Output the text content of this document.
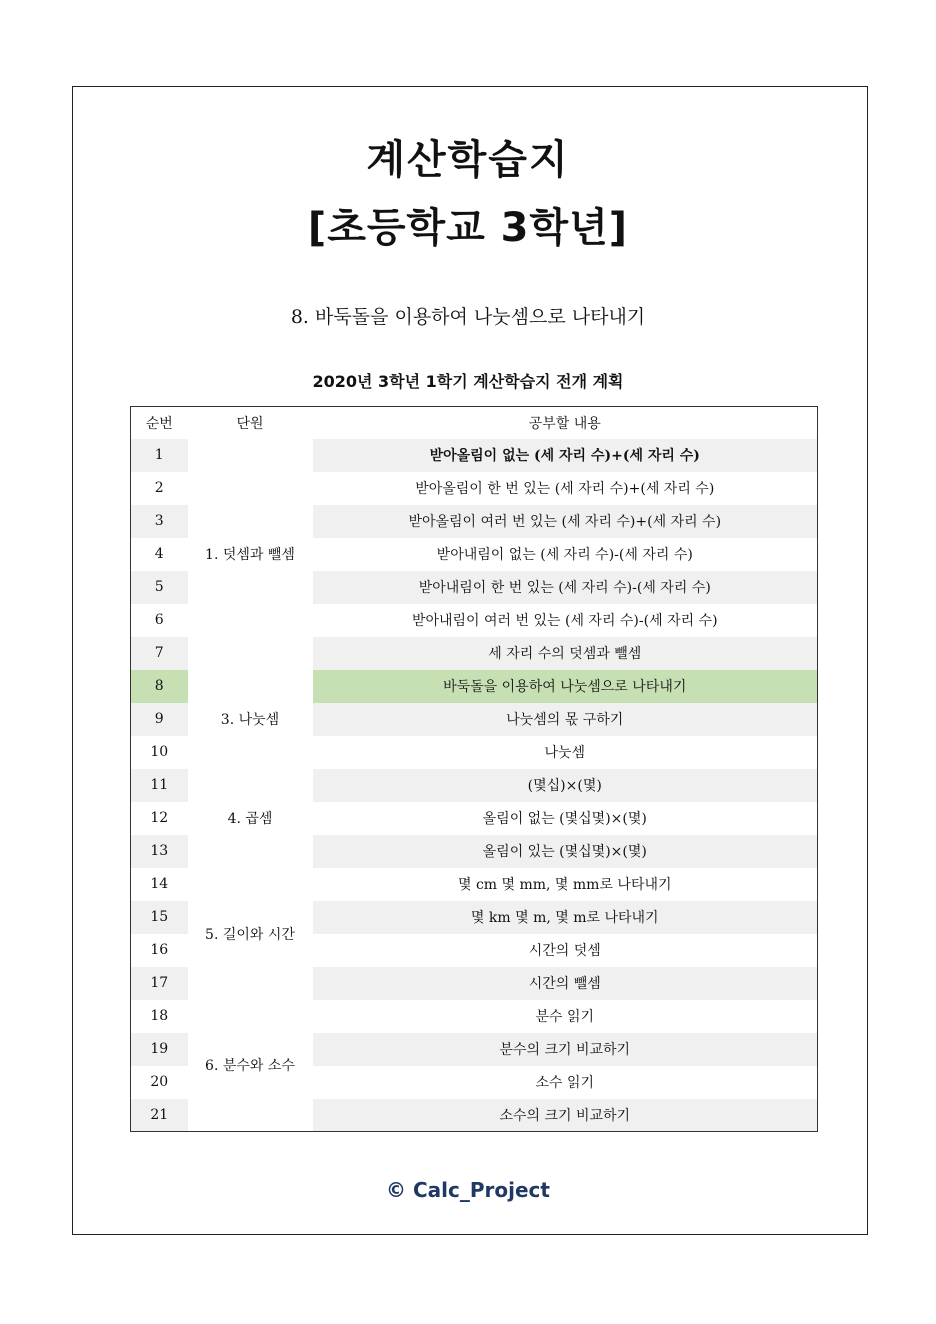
계산학습지
[초등학교 3학년]
8. 바둑돌을 이용하여 나눗셈으로 나타내기
2020년 3학년 1학기 계산학습지 전개 계획
순번	단원	공부할 내용
1	1. 덧셈과 뺄셈	받아올림이 없는 (세 자리 수)+(세 자리 수)
2		받아올림이 한 번 있는 (세 자리 수)+(세 자리 수)
3		받아올림이 여러 번 있는 (세 자리 수)+(세 자리 수)
4		받아내림이 없는 (세 자리 수)-(세 자리 수)
5		받아내림이 한 번 있는 (세 자리 수)-(세 자리 수)
6		받아내림이 여러 번 있는 (세 자리 수)-(세 자리 수)
7		세 자리 수의 덧셈과 뺄셈
8	3. 나눗셈	바둑돌을 이용하여 나눗셈으로 나타내기
9		나눗셈의 몫 구하기
10		나눗셈
11	4. 곱셈	(몇십)×(몇)
12		올림이 없는 (몇십몇)×(몇)
13		올림이 있는 (몇십몇)×(몇)
14	5. 길이와 시간	몇 cm 몇 mm, 몇 mm로 나타내기
15		몇 km 몇 m, 몇 m로 나타내기
16		시간의 덧셈
17		시간의 뺄셈
18	6. 분수와 소수	분수 읽기
19		분수의 크기 비교하기
20		소수 읽기
21		소수의 크기 비교하기
© Calc_Project
